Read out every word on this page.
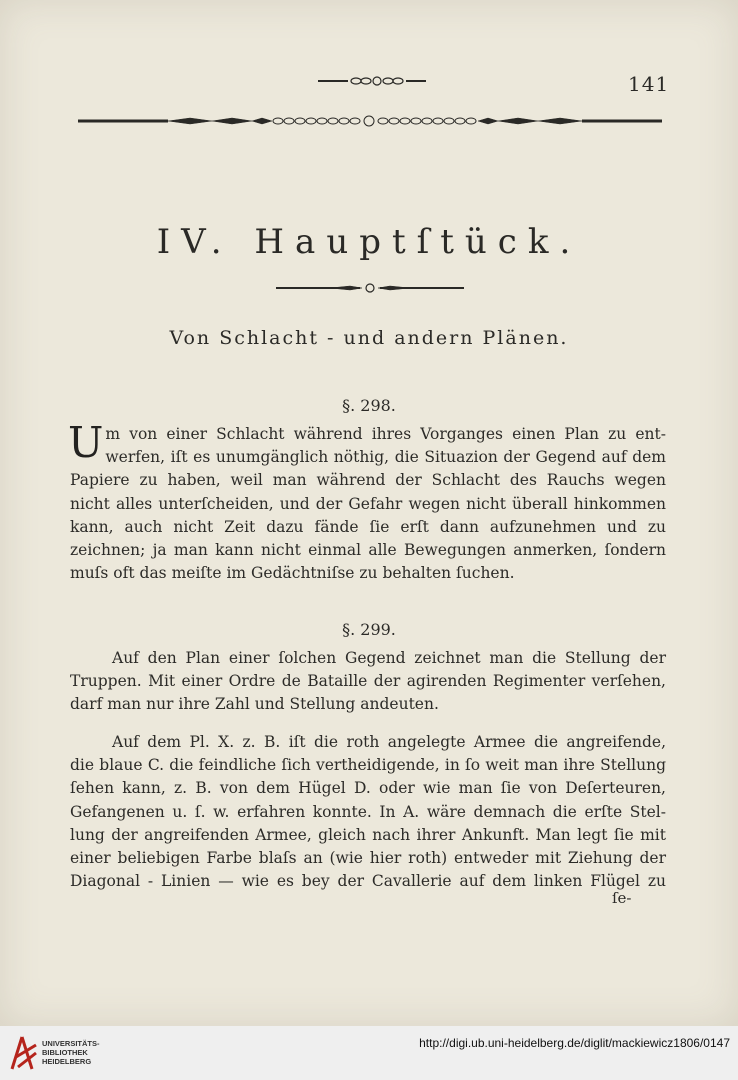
141
IV. Hauptſtück.
Von Schlacht - und andern Plänen.
§. 298.
U m von einer Schlacht während ihres Vorganges einen Plan zu ent-
werfen, iſt es unumgänglich nöthig, die Situazion der Gegend auf dem
Papiere zu haben, weil man während der Schlacht des Rauchs wegen
nicht alles unterſcheiden, und der Gefahr wegen nicht überall hinkommen
kann, auch nicht Zeit dazu fände ſie erſt dann aufzunehmen und zu
zeichnen; ja man kann nicht einmal alle Bewegungen anmerken, ſondern
muſs oft das meiſte im Gedächtniſse zu behalten ſuchen.
§. 299.
Auf den Plan einer ſolchen Gegend zeichnet man die Stellung der
Truppen. Mit einer Ordre de Bataille der agirenden Regimenter verſehen,
darf man nur ihre Zahl und Stellung andeuten.
Auf dem Pl. X. z. B. iſt die roth angelegte Armee die angreifende,
die blaue C. die feindliche ſich vertheidigende, in ſo weit man ihre Stellung
ſehen kann, z. B. von dem Hügel D. oder wie man ſie von Deſerteuren,
Gefangenen u. ſ. w. erfahren konnte. In A. wäre demnach die erſte Stel-
lung der angreifenden Armee, gleich nach ihrer Ankunft. Man legt ſie mit
einer beliebigen Farbe blaſs an (wie hier roth) entweder mit Ziehung der
Diagonal - Linien — wie es bey der Cavallerie auf dem linken Flügel zu
ſe-
UNIVERSITÄTS-
BIBLIOTHEK
HEIDELBERG
http://digi.ub.uni-heidelberg.de/diglit/mackiewicz1806/0147
